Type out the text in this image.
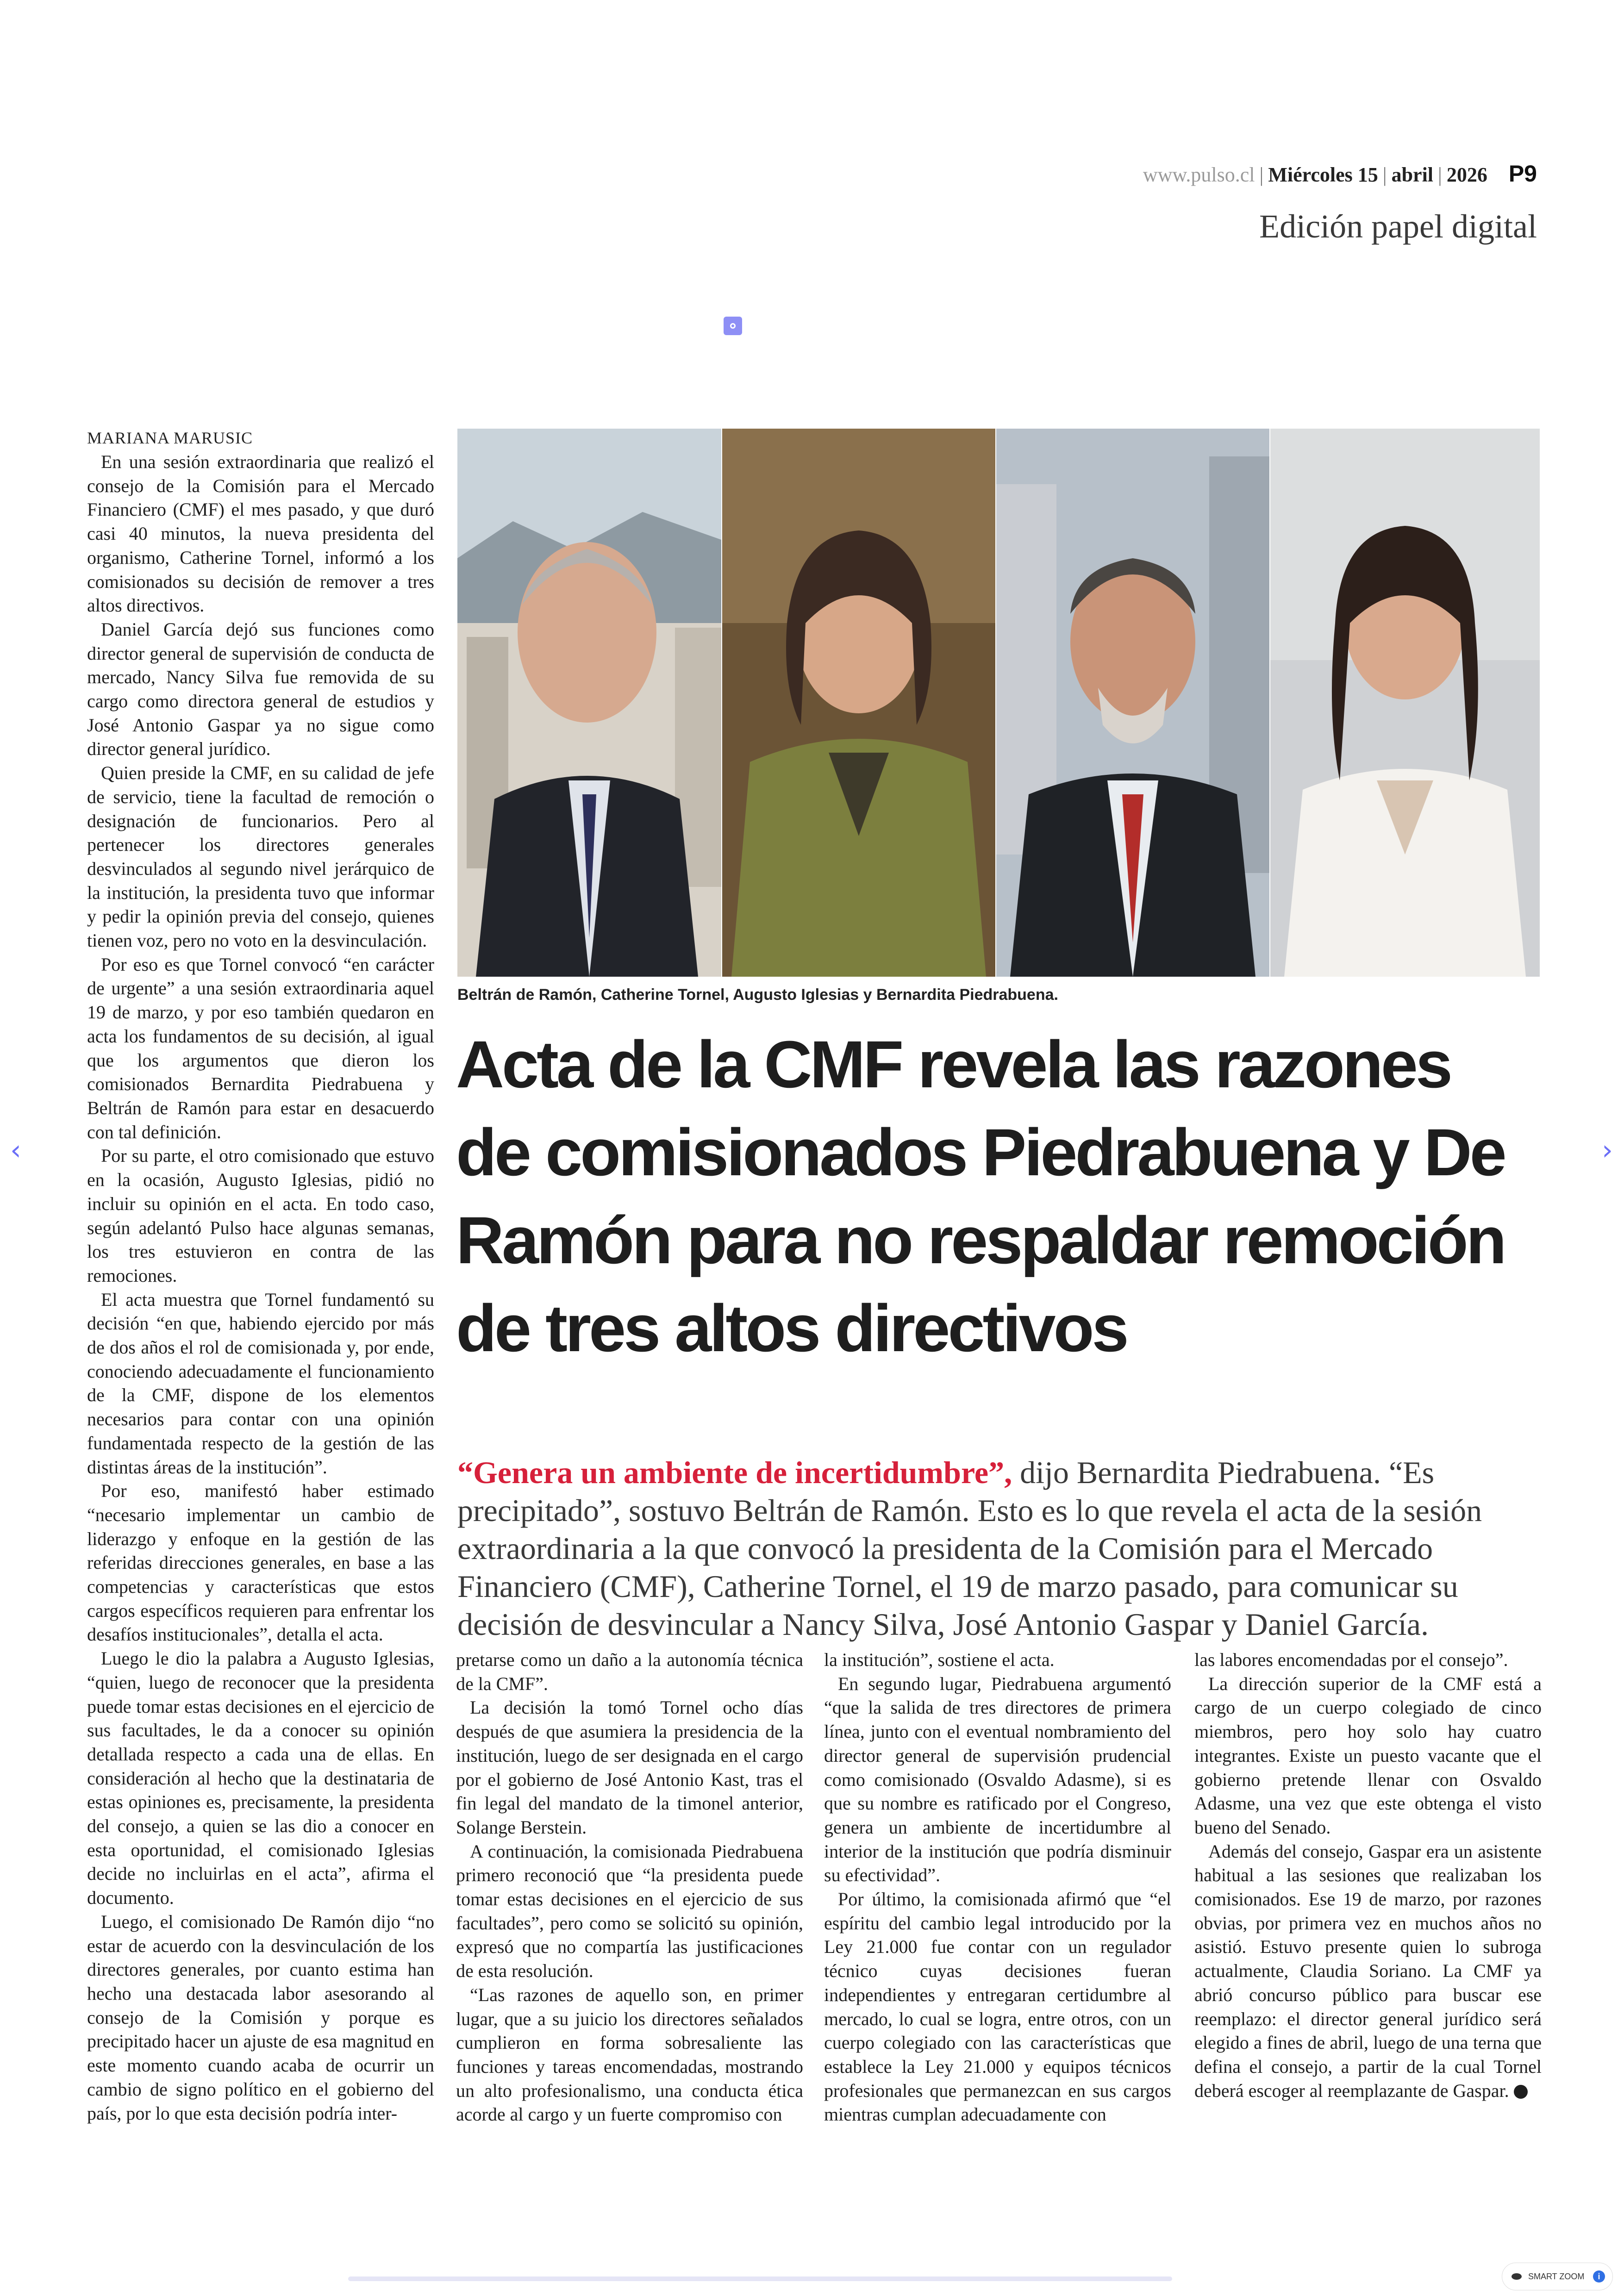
www.pulso.cl | Miércoles 15 | abril | 2026 P9
Edición papel digital
MARIANA MARUSIC

En una sesión extraordinaria que realizó el consejo de la Comisión para el Mercado Financiero (CMF) el mes pasado, y que duró casi 40 minutos, la nueva presidenta del organismo, Catherine Tornel, informó a los comisionados su decisión de remover a tres altos directivos.

Daniel García dejó sus funciones como director general de supervisión de conducta de mercado, Nancy Silva fue removida de su cargo como directora general de estudios y José Antonio Gaspar ya no sigue como director general jurídico.

Quien preside la CMF, en su calidad de jefe de servicio, tiene la facultad de remoción o designación de funcionarios. Pero al pertenecer los directores generales desvinculados al segundo nivel jerárquico de la institución, la presidenta tuvo que informar y pedir la opinión previa del consejo, quienes tienen voz, pero no voto en la desvinculación.

Por eso es que Tornel convocó “en carácter de urgente” a una sesión extraordinaria aquel 19 de marzo, y por eso también quedaron en acta los fundamentos de su decisión, al igual que los argumentos que dieron los comisionados Bernardita Piedrabuena y Beltrán de Ramón para estar en desacuerdo con tal definición.

Por su parte, el otro comisionado que estuvo en la ocasión, Augusto Iglesias, pidió no incluir su opinión en el acta. En todo caso, según adelantó Pulso hace algunas semanas, los tres estuvieron en contra de las remociones.

El acta muestra que Tornel fundamentó su decisión “en que, habiendo ejercido por más de dos años el rol de comisionada y, por ende, conociendo adecuadamente el funcionamiento de la CMF, dispone de los elementos necesarios para contar con una opinión fundamentada respecto de la gestión de las distintas áreas de la institución”.

Por eso, manifestó haber estimado “necesario implementar un cambio de liderazgo y enfoque en la gestión de las referidas direcciones generales, en base a las competencias y características que estos cargos específicos requieren para enfrentar los desafíos institucionales”, detalla el acta.

Luego le dio la palabra a Augusto Iglesias, “quien, luego de reconocer que la presidenta puede tomar estas decisiones en el ejercicio de sus facultades, le da a conocer su opinión detallada respecto a cada una de ellas. En consideración al hecho que la destinataria de estas opiniones es, precisamente, la presidenta del consejo, a quien se las dio a conocer en esta oportunidad, el comisionado Iglesias decide no incluirlas en el acta”, afirma el documento.

Luego, el comisionado De Ramón dijo “no estar de acuerdo con la desvinculación de los directores generales, por cuanto estima han hecho una destacada labor asesorando al consejo de la Comisión y porque es precipitado hacer un ajuste de esa magnitud en este momento cuando acaba de ocurrir un cambio de signo político en el gobierno del país, por lo que esta decisión podría inter-

Beltrán de Ramón, Catherine Tornel, Augusto Iglesias y Bernardita Piedrabuena.
Acta de la CMF revela las razones de comisionados Piedrabuena y De Ramón para no respaldar remoción de tres altos directivos
“Genera un ambiente de incertidumbre”, dijo Bernardita Piedrabuena. “Es precipitado”, sostuvo Beltrán de Ramón. Esto es lo que revela el acta de la sesión extraordinaria a la que convocó la presidenta de la Comisión para el Mercado Financiero (CMF), Catherine Tornel, el 19 de marzo pasado, para comunicar su decisión de desvincular a Nancy Silva, José Antonio Gaspar y Daniel García.

pretarse como un daño a la autonomía técnica de la CMF”.

La decisión la tomó Tornel ocho días después de que asumiera la presidencia de la institución, luego de ser designada en el cargo por el gobierno de José Antonio Kast, tras el fin legal del mandato de la timonel anterior, Solange Berstein.

A continuación, la comisionada Piedrabuena primero reconoció que “la presidenta puede tomar estas decisiones en el ejercicio de sus facultades”, pero como se solicitó su opinión, expresó que no compartía las justificaciones de esta resolución.

“Las razones de aquello son, en primer lugar, que a su juicio los directores señalados cumplieron en forma sobresaliente las funciones y tareas encomendadas, mostrando un alto profesionalismo, una conducta ética acorde al cargo y un fuerte compromiso con

la institución”, sostiene el acta.

En segundo lugar, Piedrabuena argumentó “que la salida de tres directores de primera línea, junto con el eventual nombramiento del director general de supervisión prudencial como comisionado (Osvaldo Adasme), si es que su nombre es ratificado por el Congreso, genera un ambiente de incertidumbre al interior de la institución que podría disminuir su efectividad”.

Por último, la comisionada afirmó que “el espíritu del cambio legal introducido por la Ley 21.000 fue contar con un regulador técnico cuyas decisiones fueran independientes y entregaran certidumbre al mercado, lo cual se logra, entre otros, con un cuerpo colegiado con las características que establece la Ley 21.000 y equipos técnicos profesionales que permanezcan en sus cargos mientras cumplan adecuadamente con

las labores encomendadas por el consejo”.

La dirección superior de la CMF está a cargo de un cuerpo colegiado de cinco miembros, pero hoy solo hay cuatro integrantes. Existe un puesto vacante que el gobierno pretende llenar con Osvaldo Adasme, una vez que este obtenga el visto bueno del Senado.

Además del consejo, Gaspar era un asistente habitual a las sesiones que realizaban los comisionados. Ese 19 de marzo, por razones obvias, por primera vez en muchos años no asistió. Estuvo presente quien lo subroga actualmente, Claudia Soriano. La CMF ya abrió concurso público para buscar ese reemplazo: el director general jurídico será elegido a fines de abril, luego de una terna que defina el consejo, a partir de la cual Tornel deberá escoger al reemplazante de Gaspar.

‹	›
SMART ZOOM	i
